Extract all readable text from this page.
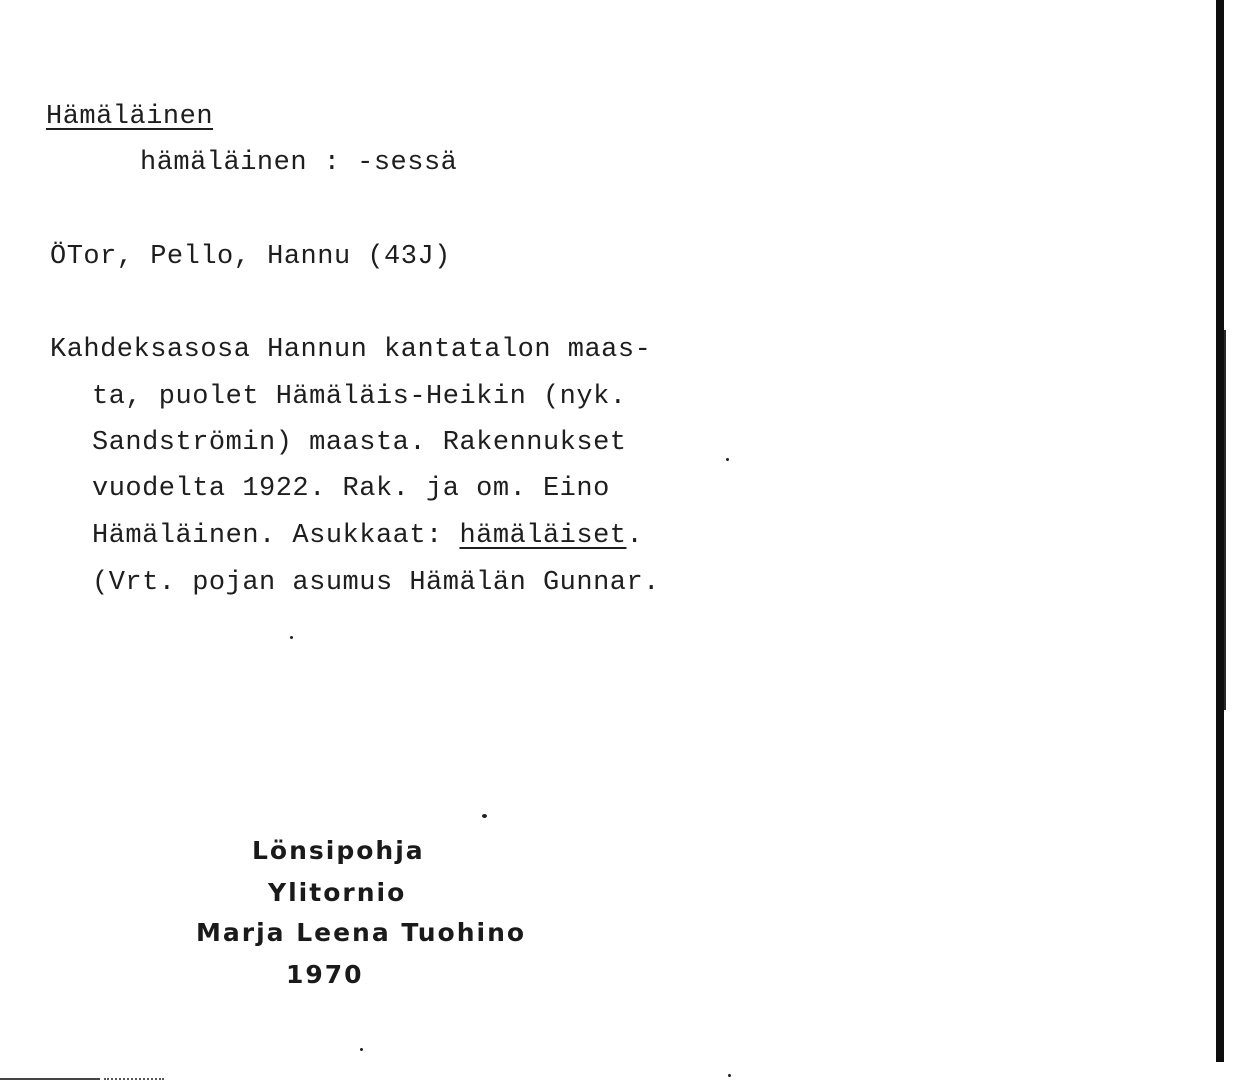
Hämäläinen
hämäläinen : -sessä
ÖTor, Pello, Hannu (43J)
Kahdeksasosa Hannun kantatalon maas-
ta, puolet Hämäläis-Heikin (nyk.
Sandströmin) maasta. Rakennukset
vuodelta 1922. Rak. ja om. Eino
Hämäläinen. Asukkaat: hämäläiset.
(Vrt. pojan asumus Hämälän Gunnar.
Lönsipohja
Ylitornio
Marja Leena Tuohino
1970
